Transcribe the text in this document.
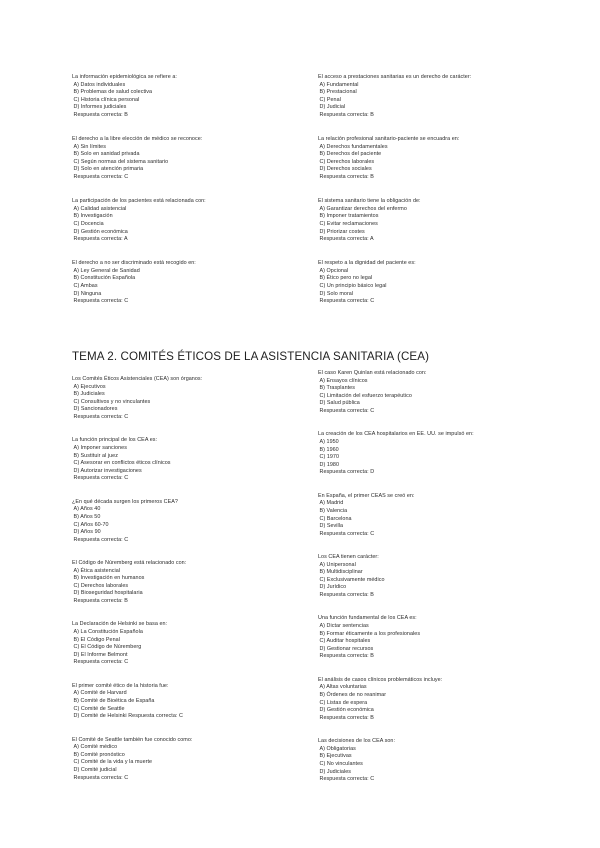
La información epidemiológica se refiere a:
A) Datos individuales
B) Problemas de salud colectiva
C) Historia clínica personal
D) Informes judiciales
Respuesta correcta: B
El derecho a la libre elección de médico se reconoce:
A) Sin límites
B) Solo en sanidad privada
C) Según normas del sistema sanitario
D) Solo en atención primaria
Respuesta correcta: C
La participación de los pacientes está relacionada con:
A) Calidad asistencial
B) Investigación
C) Docencia
D) Gestión económica
Respuesta correcta: A
El derecho a no ser discriminado está recogido en:
A) Ley General de Sanidad
B) Constitución Española
C) Ambas
D) Ninguna
Respuesta correcta: C
El acceso a prestaciones sanitarias es un derecho de carácter:
A) Fundamental
B) Prestacional
C) Penal
D) Judicial
Respuesta correcta: B
La relación profesional sanitario-paciente se encuadra en:
A) Derechos fundamentales
B) Derechos del paciente
C) Derechos laborales
D) Derechos sociales
Respuesta correcta: B
El sistema sanitario tiene la obligación de:
A) Garantizar derechos del enfermo
B) Imponer tratamientos
C) Evitar reclamaciones
D) Priorizar costes
Respuesta correcta: A
El respeto a la dignidad del paciente es:
A) Opcional
B) Ético pero no legal
C) Un principio básico legal
D) Solo moral
Respuesta correcta: C
TEMA 2. COMITÉS ÉTICOS DE LA ASISTENCIA SANITARIA (CEA)
Los Comités Éticos Asistenciales (CEA) son órganos:
A) Ejecutivos
B) Judiciales
C) Consultivos y no vinculantes
D) Sancionadores
Respuesta correcta: C
La función principal de los CEA es:
A) Imponer sanciones
B) Sustituir al juez
C) Asesorar en conflictos éticos clínicos
D) Autorizar investigaciones
Respuesta correcta: C
¿En qué década surgen los primeros CEA?
A) Años 40
B) Años 50
C) Años 60-70
D) Años 90
Respuesta correcta: C
El Código de Núremberg está relacionado con:
A) Ética asistencial
B) Investigación en humanos
C) Derechos laborales
D) Bioseguridad hospitalaria
Respuesta correcta: B
La Declaración de Helsinki se basa en:
A) La Constitución Española
B) El Código Penal
C) El Código de Núremberg
D) El Informe Belmont
Respuesta correcta: C
El primer comité ético de la historia fue:
A) Comité de Harvard
B) Comité de Bioética de España
C) Comité de Seattle
D) Comité de Helsinki Respuesta correcta: C
El Comité de Seattle también fue conocido como:
A) Comité médico
B) Comité pronóstico
C) Comité de la vida y la muerte
D) Comité judicial
Respuesta correcta: C
El caso Karen Quinlan está relacionado con:
A) Ensayos clínicos
B) Trasplantes
C) Limitación del esfuerzo terapéutico
D) Salud pública
Respuesta correcta: C
La creación de los CEA hospitalarios en EE. UU. se impulsó en:
A) 1950
B) 1960
C) 1970
D) 1980
Respuesta correcta: D
En España, el primer CEAS se creó en:
A) Madrid
B) Valencia
C) Barcelona
D) Sevilla
Respuesta correcta: C
Los CEA tienen carácter:
A) Unipersonal
B) Multidisciplinar
C) Exclusivamente médico
D) Jurídico
Respuesta correcta: B
Una función fundamental de los CEA es:
A) Dictar sentencias
B) Formar éticamente a los profesionales
C) Auditar hospitales
D) Gestionar recursos
Respuesta correcta: B
El análisis de casos clínicos problemáticos incluye:
A) Altas voluntarias
B) Órdenes de no reanimar
C) Listas de espera
D) Gestión económica
Respuesta correcta: B
Las decisiones de los CEA son:
A) Obligatorias
B) Ejecutivas
C) No vinculantes
D) Judiciales
Respuesta correcta: C
